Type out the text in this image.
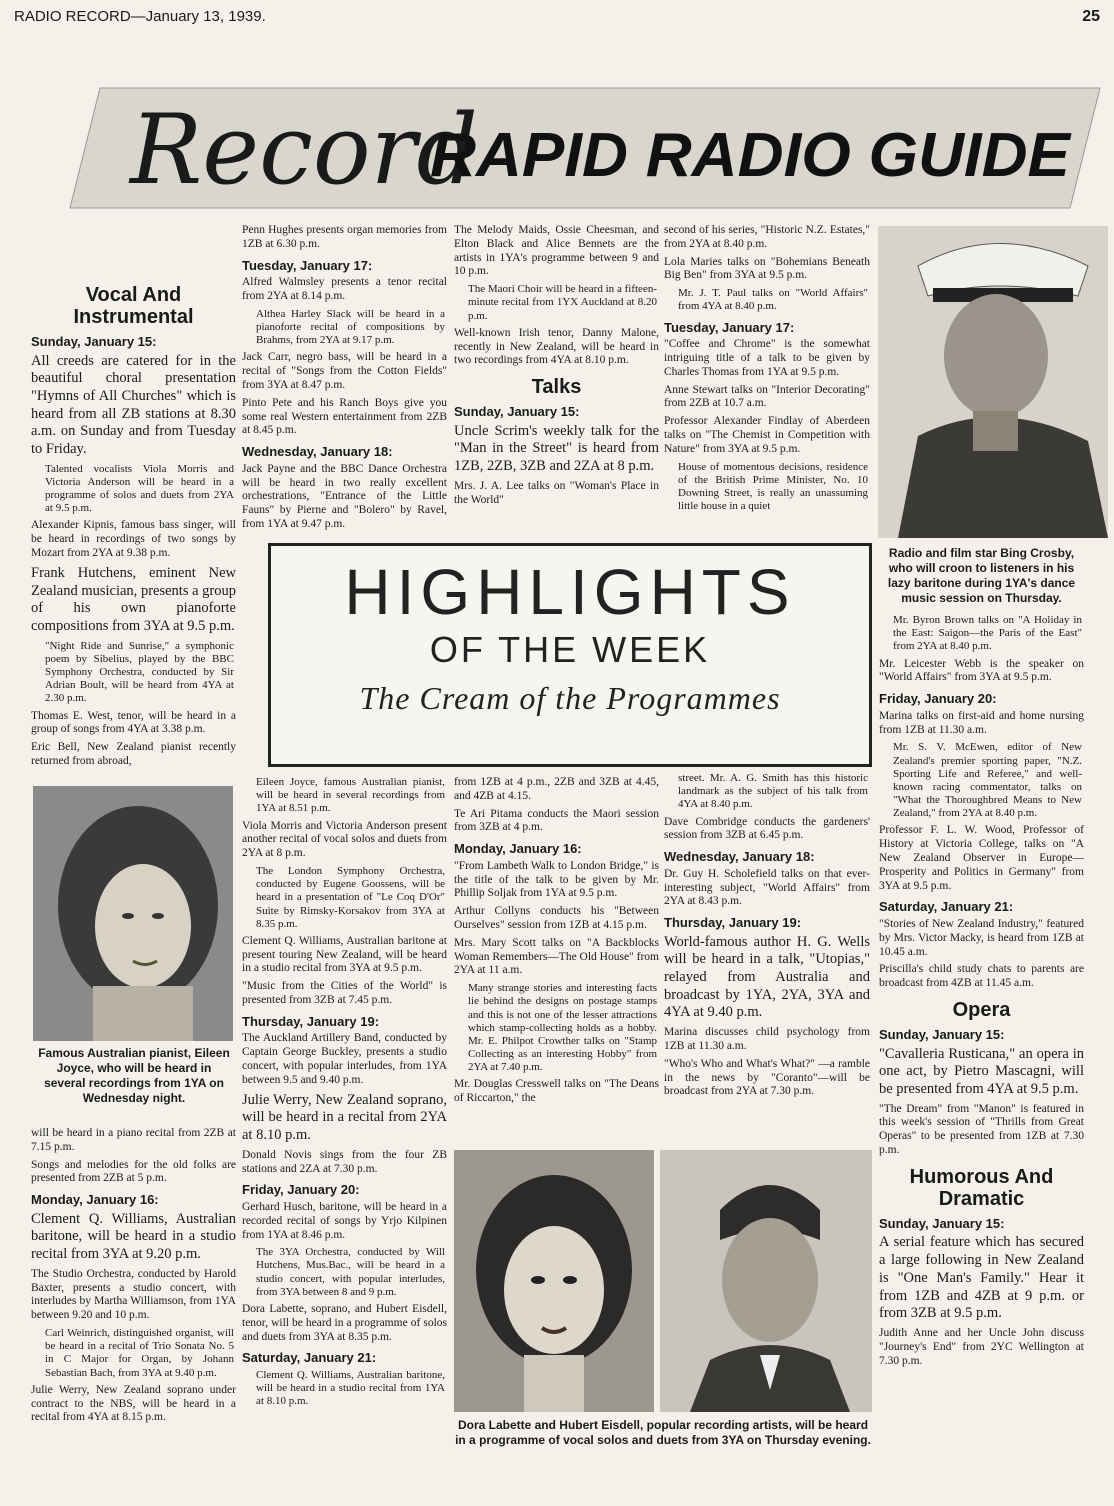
RADIO RECORD—January 13, 1939.	25
Record
RAPID RADIO GUIDE
Vocal And Instrumental
Sunday, January 15:

All creeds are catered for in the beautiful choral presentation "Hymns of All Churches" which is heard from all ZB stations at 8.30 a.m. on Sunday and from Tuesday to Friday.

Talented vocalists Viola Morris and Victoria Anderson will be heard in a programme of solos and duets from 2YA at 9.5 p.m.

Alexander Kipnis, famous bass singer, will be heard in recordings of two songs by Mozart from 2YA at 9.38 p.m.

Frank Hutchens, eminent New Zealand musician, presents a group of his own pianoforte compositions from 3YA at 9.5 p.m.

"Night Ride and Sunrise," a symphonic poem by Sibelius, played by the BBC Symphony Orchestra, conducted by Sir Adrian Boult, will be heard from 4YA at 2.30 p.m.

Thomas E. West, tenor, will be heard in a group of songs from 4YA at 3.38 p.m.

Eric Bell, New Zealand pianist recently returned from abroad,

Famous Australian pianist, Eileen Joyce, who will be heard in several recordings from 1YA on Wednesday night.

will be heard in a piano recital from 2ZB at 7.15 p.m.

Songs and melodies for the old folks are presented from 2ZB at 5 p.m.

Monday, January 16:

Clement Q. Williams, Australian baritone, will be heard in a studio recital from 3YA at 9.20 p.m.

The Studio Orchestra, conducted by Harold Baxter, presents a studio concert, with interludes by Martha Williamson, from 1YA between 9.20 and 10 p.m.

Carl Weinrich, distinguished organist, will be heard in a recital of Trio Sonata No. 5 in C Major for Organ, by Johann Sebastian Bach, from 3YA at 9.40 p.m.

Julie Werry, New Zealand soprano under contract to the NBS, will be heard in a recital from 4YA at 8.15 p.m.

Penn Hughes presents organ memories from 1ZB at 6.30 p.m.

Tuesday, January 17:

Alfred Walmsley presents a tenor recital from 2YA at 8.14 p.m.

Althea Harley Slack will be heard in a pianoforte recital of compositions by Brahms, from 2YA at 9.17 p.m.

Jack Carr, negro bass, will be heard in a recital of "Songs from the Cotton Fields" from 3YA at 8.47 p.m.

Pinto Pete and his Ranch Boys give you some real Western entertainment from 2ZB at 8.45 p.m.

Wednesday, January 18:

Jack Payne and the BBC Dance Orchestra will be heard in two really excellent orchestrations, "Entrance of the Little Fauns" by Pierne and "Bolero" by Ravel, from 1YA at 9.47 p.m.

Eileen Joyce, famous Australian pianist, will be heard in several recordings from 1YA at 8.51 p.m.

Viola Morris and Victoria Anderson present another recital of vocal solos and duets from 2YA at 8 p.m.

The London Symphony Orchestra, conducted by Eugene Goossens, will be heard in a presentation of "Le Coq D'Or" Suite by Rimsky-Korsakov from 3YA at 8.35 p.m.

Clement Q. Williams, Australian baritone at present touring New Zealand, will be heard in a studio recital from 3YA at 9.5 p.m.

"Music from the Cities of the World" is presented from 3ZB at 7.45 p.m.

Thursday, January 19:

The Auckland Artillery Band, conducted by Captain George Buckley, presents a studio concert, with popular interludes, from 1YA between 9.5 and 9.40 p.m.

Julie Werry, New Zealand soprano, will be heard in a recital from 2YA at 8.10 p.m.

Donald Novis sings from the four ZB stations and 2ZA at 7.30 p.m.

Friday, January 20:

Gerhard Husch, baritone, will be heard in a recorded recital of songs by Yrjo Kilpinen from 1YA at 8.46 p.m.

The 3YA Orchestra, conducted by Will Hutchens, Mus.Bac., will be heard in a studio concert, with popular interludes, from 3YA between 8 and 9 p.m.

Dora Labette, soprano, and Hubert Eisdell, tenor, will be heard in a programme of solos and duets from 3YA at 8.35 p.m.

Saturday, January 21:

Clement Q. Williams, Australian baritone, will be heard in a studio recital from 1YA at 8.10 p.m.

The Melody Maids, Ossie Cheesman, and Elton Black and Alice Bennets are the artists in 1YA's programme between 9 and 10 p.m.

The Maori Choir will be heard in a fifteen-minute recital from 1YX Auckland at 8.20 p.m.

Well-known Irish tenor, Danny Malone, recently in New Zealand, will be heard in two recordings from 4YA at 8.10 p.m.

Talks
Sunday, January 15:

Uncle Scrim's weekly talk for the "Man in the Street" is heard from 1ZB, 2ZB, 3ZB and 2ZA at 8 p.m.

Mrs. J. A. Lee talks on "Woman's Place in the World"

from 1ZB at 4 p.m., 2ZB and 3ZB at 4.45, and 4ZB at 4.15.

Te Ari Pitama conducts the Maori session from 3ZB at 4 p.m.

Monday, January 16:

"From Lambeth Walk to London Bridge," is the title of the talk to be given by Mr. Phillip Soljak from 1YA at 9.5 p.m.

Arthur Collyns conducts his "Between Ourselves" session from 1ZB at 4.15 p.m.

Mrs. Mary Scott talks on "A Backblocks Woman Remembers—The Old House" from 2YA at 11 a.m.

Many strange stories and interesting facts lie behind the designs on postage stamps and this is not one of the lesser attractions which stamp-collecting holds as a hobby. Mr. E. Philpot Crowther talks on "Stamp Collecting as an interesting Hobby" from 2YA at 7.40 p.m.

Mr. Douglas Cresswell talks on "The Deans of Riccarton," the

second of his series, "Historic N.Z. Estates," from 2YA at 8.40 p.m.

Lola Maries talks on "Bohemians Beneath Big Ben" from 3YA at 9.5 p.m.

Mr. J. T. Paul talks on "World Affairs" from 4YA at 8.40 p.m.

Tuesday, January 17:

"Coffee and Chrome" is the somewhat intriguing title of a talk to be given by Charles Thomas from 1YA at 9.5 p.m.

Anne Stewart talks on "Interior Decorating" from 2ZB at 10.7 a.m.

Professor Alexander Findlay of Aberdeen talks on "The Chemist in Competition with Nature" from 3YA at 9.5 p.m.

House of momentous decisions, residence of the British Prime Minister, No. 10 Downing Street, is really an unassuming little house in a quiet

street. Mr. A. G. Smith has this historic landmark as the subject of his talk from 4YA at 8.40 p.m.

Dave Combridge conducts the gardeners' session from 3ZB at 6.45 p.m.

Wednesday, January 18:

Dr. Guy H. Scholefield talks on that ever-interesting subject, "World Affairs" from 2YA at 8.43 p.m.

Thursday, January 19:

World-famous author H. G. Wells will be heard in a talk, "Utopias," relayed from Australia and broadcast by 1YA, 2YA, 3YA and 4YA at 9.40 p.m.

Marina discusses child psychology from 1ZB at 11.30 a.m.

"Who's Who and What's What?" —a ramble in the news by "Coranto"—will be broadcast from 2YA at 7.30 p.m.

HIGHLIGHTS
OF THE WEEK
The Cream of the Programmes
Radio and film star Bing Crosby, who will croon to listeners in his lazy baritone during 1YA's dance music session on Thursday.

Mr. Byron Brown talks on "A Holiday in the East: Saigon—the Paris of the East" from 2YA at 8.40 p.m.

Mr. Leicester Webb is the speaker on "World Affairs" from 3YA at 9.5 p.m.

Friday, January 20:

Marina talks on first-aid and home nursing from 1ZB at 11.30 a.m.

Mr. S. V. McEwen, editor of New Zealand's premier sporting paper, "N.Z. Sporting Life and Referee," and well-known racing commentator, talks on "What the Thoroughbred Means to New Zealand," from 2YA at 8.40 p.m.

Professor F. L. W. Wood, Professor of History at Victoria College, talks on "A New Zealand Observer in Europe—Prosperity and Politics in Germany" from 3YA at 9.5 p.m.

Saturday, January 21:

"Stories of New Zealand Industry," featured by Mrs. Victor Macky, is heard from 1ZB at 10.45 a.m.

Priscilla's child study chats to parents are broadcast from 4ZB at 11.45 a.m.

Opera
Sunday, January 15:

"Cavalleria Rusticana," an opera in one act, by Pietro Mascagni, will be presented from 4YA at 9.5 p.m.

"The Dream" from "Manon" is featured in this week's session of "Thrills from Great Operas" to be presented from 1ZB at 7.30 p.m.

Humorous And Dramatic
Sunday, January 15:

A serial feature which has secured a large following in New Zealand is "One Man's Family." Hear it from 1ZB and 4ZB at 9 p.m. or from 3ZB at 9.5 p.m.

Judith Anne and her Uncle John discuss "Journey's End" from 2YC Wellington at 7.30 p.m.

Dora Labette and Hubert Eisdell, popular recording artists, will be heard in a programme of vocal solos and duets from 3YA on Thursday evening.
